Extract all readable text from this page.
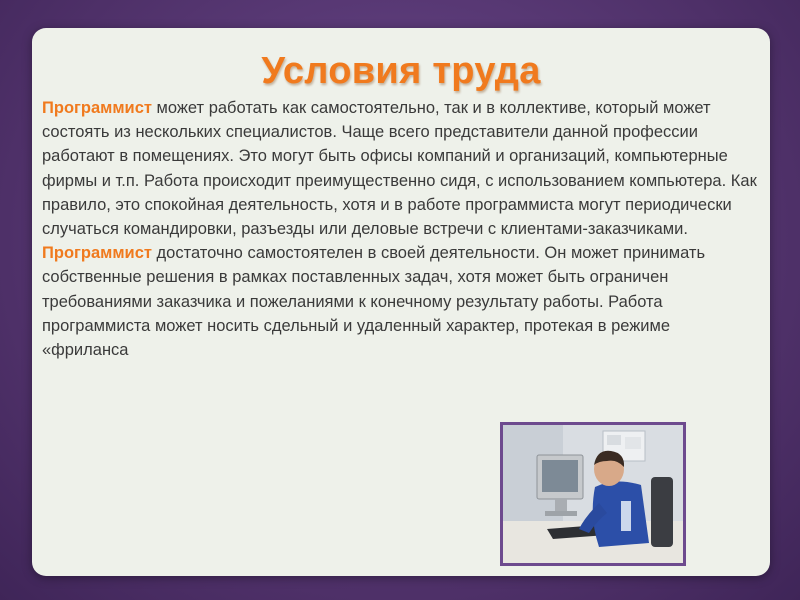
Условия труда

Программист может работать как самостоятельно, так и в коллективе, который может состоять из нескольких специалистов. Чаще всего представители данной профессии работают в помещениях. Это могут быть офисы компаний и организаций, компьютерные фирмы и т.п. Работа происходит преимущественно сидя, с использованием компьютера. Как правило, это спокойная деятельность, хотя и в работе программиста могут периодически случаться командировки, разъезды или деловые встречи с клиентами-заказчиками.

Программист достаточно самостоятелен в своей деятельности. Он может принимать собственные решения в рамках поставленных задач, хотя может быть ограничен требованиями заказчика и пожеланиями к конечному результату работы. Работа программиста может носить сдельный и удаленный характер, протекая в режиме «фриланса
